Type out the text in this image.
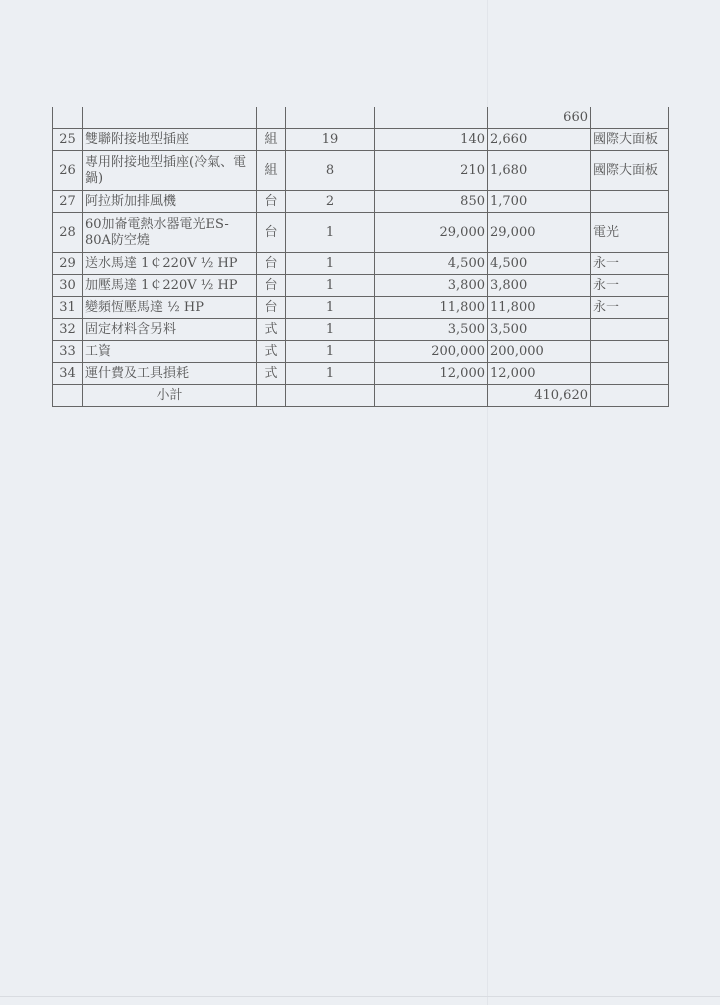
					660	
25	雙聯附接地型插座	組	19	140	2,660	國際大面板
26	專用附接地型插座(冷氣、電鍋)	組	8	210	1,680	國際大面板
27	阿拉斯加排風機	台	2	850	1,700	
28	60加崙電熱水器電光ES-80A防空燒	台	1	29,000	29,000	電光
29	送水馬達 1￠220V ½ HP	台	1	4,500	4,500	永一
30	加壓馬達 1￠220V ½ HP	台	1	3,800	3,800	永一
31	變頻恆壓馬達 ½ HP	台	1	11,800	11,800	永一
32	固定材料含另料	式	1	3,500	3,500	
33	工資	式	1	200,000	200,000	
34	運什費及工具損耗	式	1	12,000	12,000	
	小計				410,620	
